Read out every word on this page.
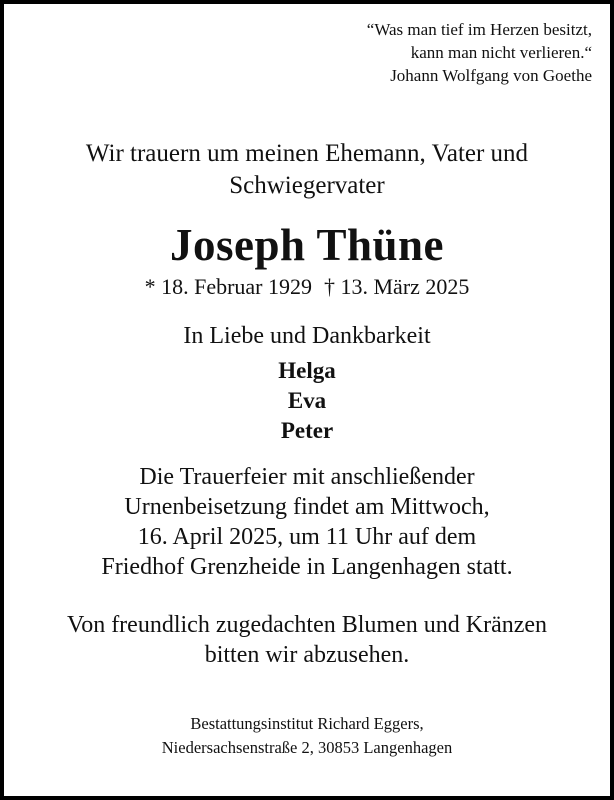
“Was man tief im Herzen besitzt,
kann man nicht verlieren.“
Johann Wolfgang von Goethe
Wir trauern um meinen Ehemann, Vater und
Schwiegervater
Joseph Thüne
* 18. Februar 1929 † 13. März 2025
In Liebe und Dankbarkeit
Helga
Eva
Peter
Die Trauerfeier mit anschließender
Urnenbeisetzung findet am Mittwoch,
16. April 2025, um 11 Uhr auf dem
Friedhof Grenzheide in Langenhagen statt.
Von freundlich zugedachten Blumen und Kränzen
bitten wir abzusehen.
Bestattungsinstitut Richard Eggers,
Niedersachsenstraße 2, 30853 Langenhagen
